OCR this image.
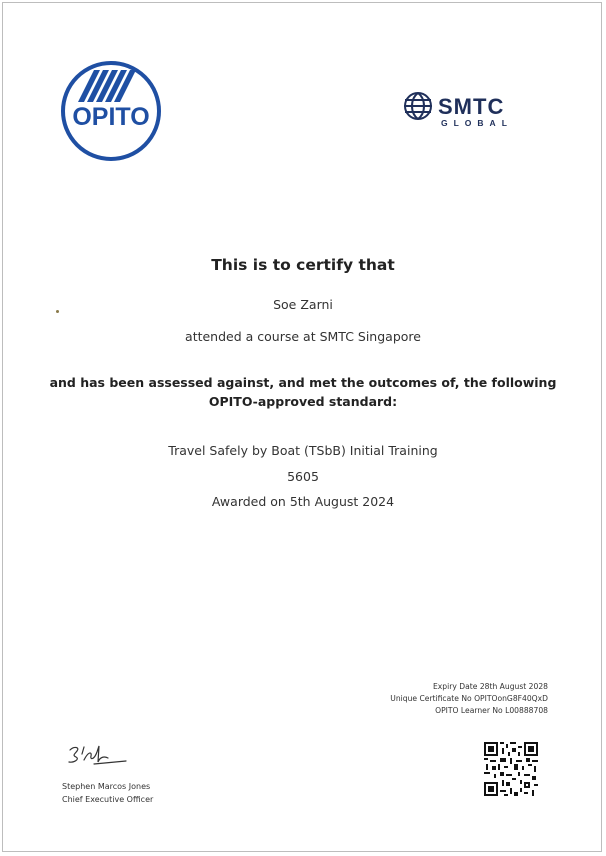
OPITO	SMTC
GLOBAL
This is to certify that
Soe Zarni
attended a course at SMTC Singapore
and has been assessed against, and met the outcomes of, the following
OPITO-approved standard:
Travel Safely by Boat (TSbB) Initial Training
5605
Awarded on 5th August 2024
Expiry Date 28th August 2028
Unique Certificate No OPITOonG8F40QxD
OPITO Learner No L00888708
Stephen Marcos Jones
Chief Executive Officer
